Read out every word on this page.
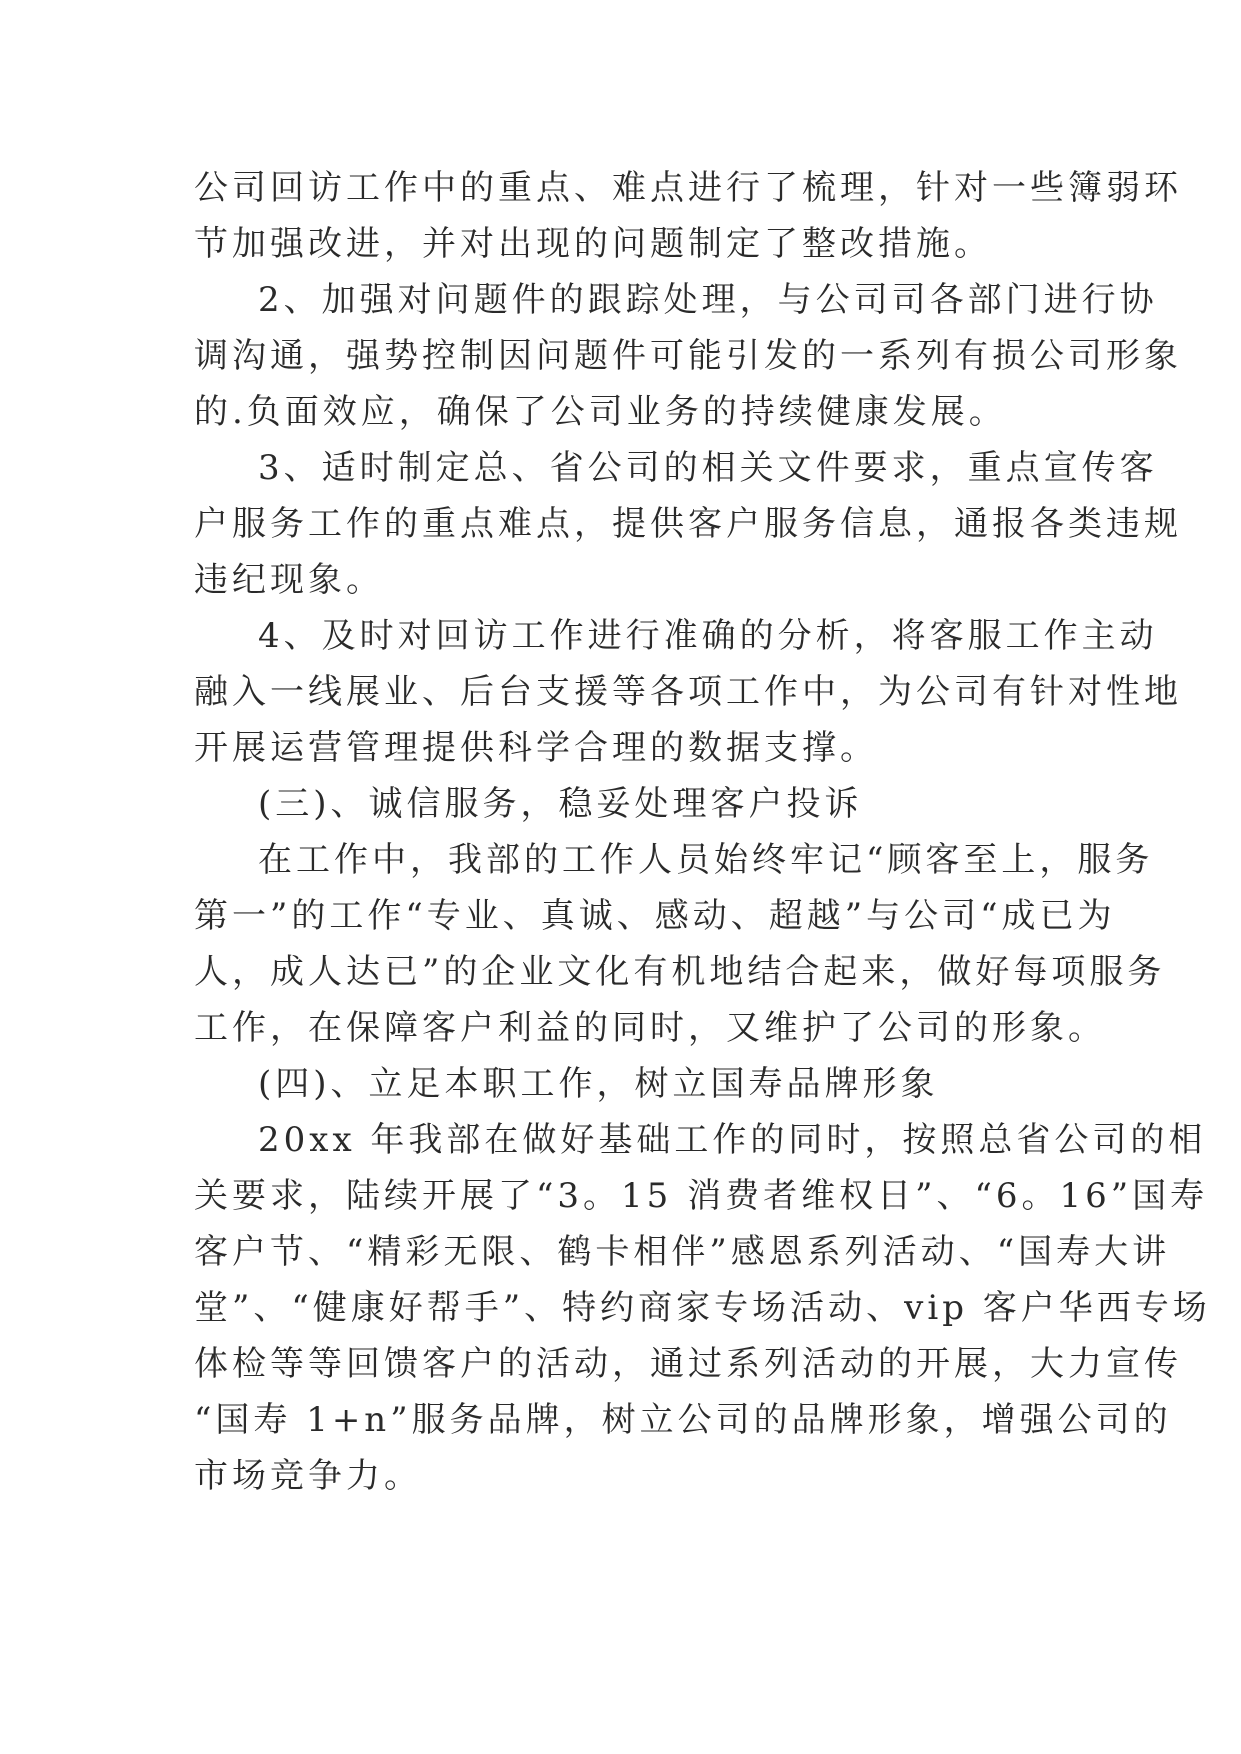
公司回访工作中的重点、难点进行了梳理，针对一些簿弱环
节加强改进，并对出现的问题制定了整改措施。
2、加强对问题件的跟踪处理，与公司司各部门进行协
调沟通，强势控制因问题件可能引发的一系列有损公司形象
的.负面效应，确保了公司业务的持续健康发展。
3、适时制定总、省公司的相关文件要求，重点宣传客
户服务工作的重点难点，提供客户服务信息，通报各类违规
违纪现象。
4、及时对回访工作进行准确的分析，将客服工作主动
融入一线展业、后台支援等各项工作中，为公司有针对性地
开展运营管理提供科学合理的数据支撑。
(三)、诚信服务，稳妥处理客户投诉
在工作中，我部的工作人员始终牢记“顾客至上，服务
第一”的工作“专业、真诚、感动、超越”与公司“成已为
人，成人达已”的企业文化有机地结合起来，做好每项服务
工作，在保障客户利益的同时，又维护了公司的形象。
(四)、立足本职工作，树立国寿品牌形象
20xx 年我部在做好基础工作的同时，按照总省公司的相
关要求，陆续开展了“3。15 消费者维权日”、“6。16”国寿
客户节、“精彩无限、鹤卡相伴”感恩系列活动、“国寿大讲
堂”、“健康好帮手”、特约商家专场活动、vip 客户华西专场
体检等等回馈客户的活动，通过系列活动的开展，大力宣传
“国寿 1+n”服务品牌，树立公司的品牌形象，增强公司的
市场竞争力。
